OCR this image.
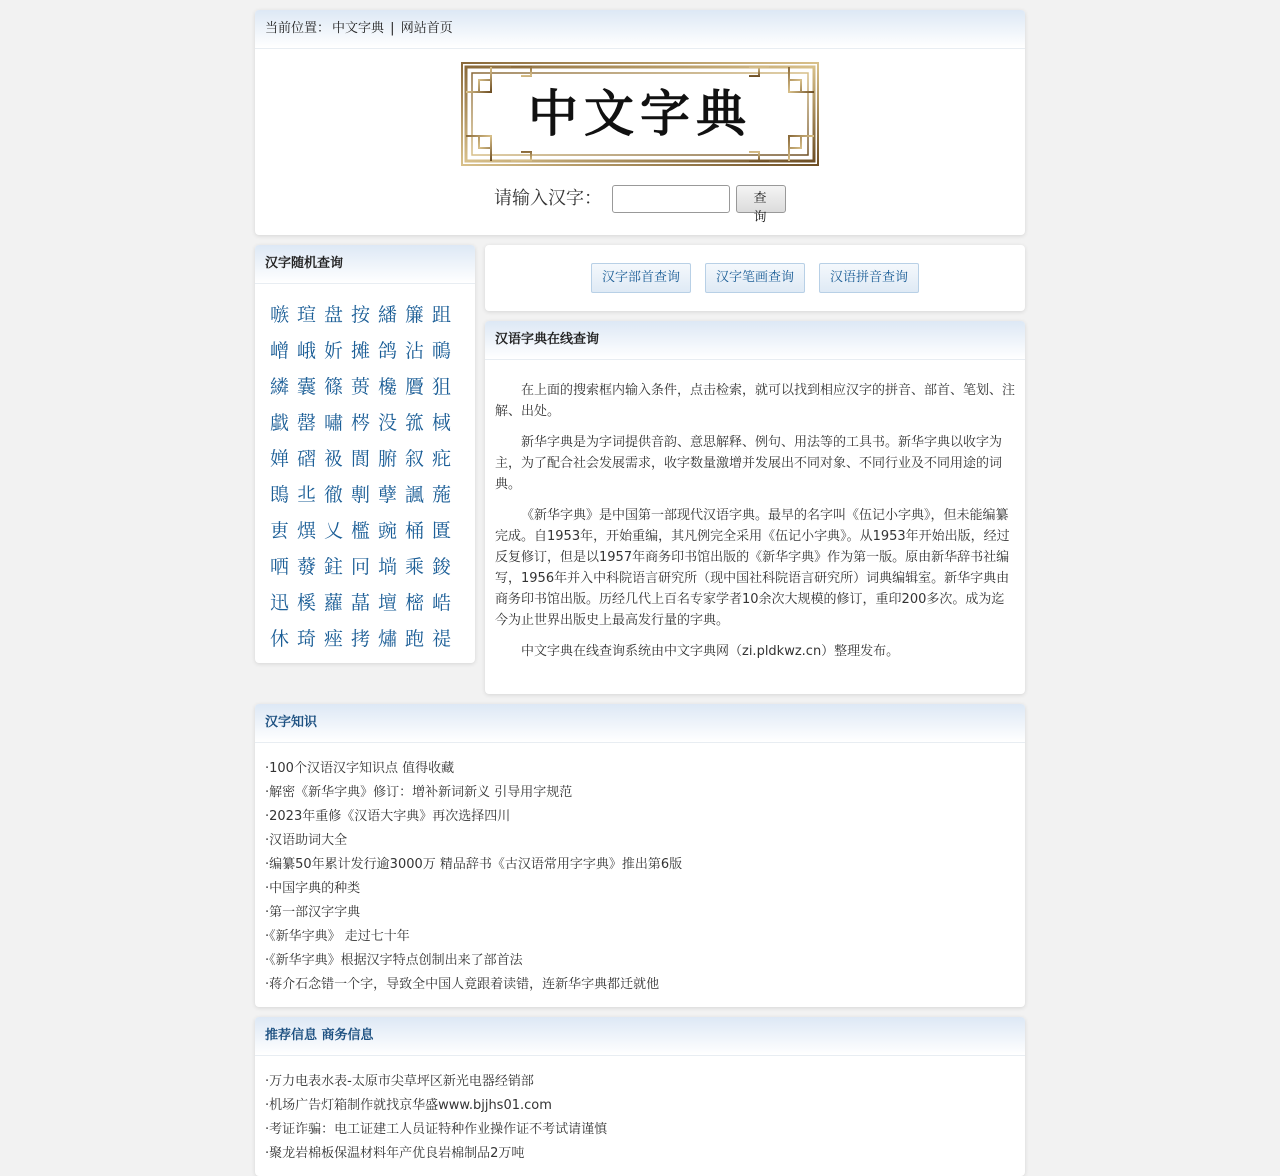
当前位置： 中文字典 | 网站首页
中文字典
请输入汉字：	查 询
汉字随机查询
嗾 瑄 盘 按 繙 簾 跙
嶒 峨 妡 摊 鸽 沾 鳾
繗 囊 篠 蒉 欃 贗 狙
戱 罄 嘯 梣 没 箛 棫
婵 磖 衱 閬 腑 叙 疪
鵖 丠 徹 剸 孽 諷 葹
叀 熼 乂 檻 豌 桶 匱
哂 蕟 鉒 冋 埫 乘 鋑
迅 榽 蘿 蕌 壇 樒 峼
休 琦 痤 拷 熽 跑 禔
汉字部首查询	汉字笔画查询	汉语拼音查询
汉语字典在线查询

在上面的搜索框内输入条件，点击检索，就可以找到相应汉字的拼音、部首、笔划、注解、出处。

新华字典是为字词提供音韵、意思解释、例句、用法等的工具书。新华字典以收字为主，为了配合社会发展需求，收字数量激增并发展出不同对象、不同行业及不同用途的词典。

《新华字典》是中国第一部现代汉语字典。最早的名字叫《伍记小字典》，但未能编纂完成。自1953年，开始重编，其凡例完全采用《伍记小字典》。从1953年开始出版，经过反复修订，但是以1957年商务印书馆出版的《新华字典》作为第一版。原由新华辞书社编写，1956年并入中科院语言研究所（现中国社科院语言研究所）词典编辑室。新华字典由商务印书馆出版。历经几代上百名专家学者10余次大规模的修订，重印200多次。成为迄今为止世界出版史上最高发行量的字典。

中文字典在线查询系统由中文字典网（zi.pldkwz.cn）整理发布。

汉字知识
·100个汉语汉字知识点 值得收藏
·解密《新华字典》修订：增补新词新义 引导用字规范
·2023年重修《汉语大字典》再次选择四川
·汉语助词大全
·编纂50年累计发行逾3000万 精品辞书《古汉语常用字字典》推出第6版
·中国字典的种类
·第一部汉字字典
·《新华字典》 走过七十年
·《新华字典》根据汉字特点创制出来了部首法
·蒋介石念错一个字，导致全中国人竟跟着读错，连新华字典都迁就他
推荐信息 商务信息
·万力电表水表-太原市尖草坪区新光电器经销部
·机场广告灯箱制作就找京华盛www.bjjhs01.com
·考证诈骗：电工证建工人员证特种作业操作证不考试请谨慎
·聚龙岩棉板保温材料年产优良岩棉制品2万吨
